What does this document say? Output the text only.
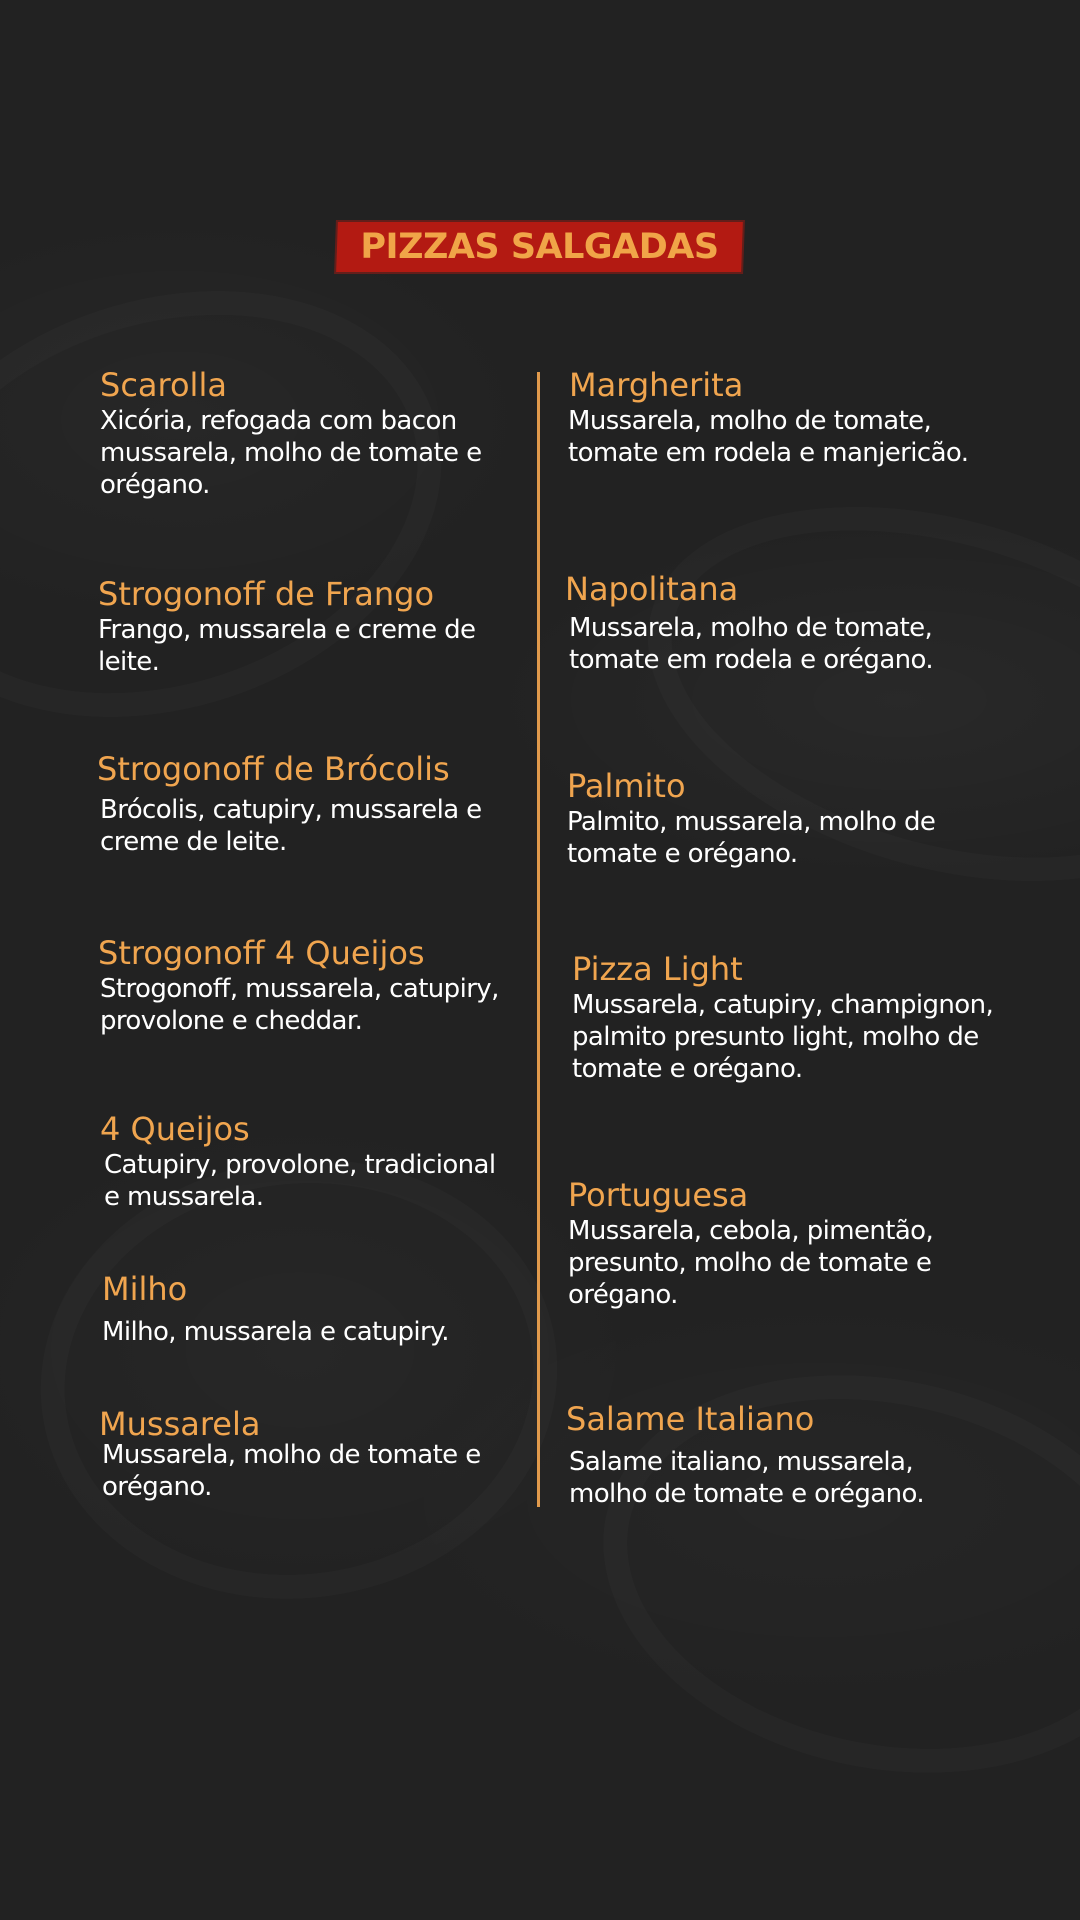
PIZZAS SALGADAS
Scarolla
Xicória, refogada com bacon mussarela, molho de tomate e orégano.
Strogonoff de Frango
Frango, mussarela e creme de leite.
Strogonoff de Brócolis
Brócolis, catupiry, mussarela e creme de leite.
Strogonoff 4 Queijos
Strogonoff, mussarela, catupiry, provolone e cheddar.
4 Queijos
Catupiry, provolone, tradicional e mussarela.
Milho
Milho, mussarela e catupiry.
Mussarela
Mussarela, molho de tomate e orégano.
Margherita
Mussarela, molho de tomate, tomate em rodela e manjericão.
Napolitana
Mussarela, molho de tomate, tomate em rodela e orégano.
Palmito
Palmito, mussarela, molho de tomate e orégano.
Pizza Light
Mussarela, catupiry, champignon, palmito presunto light, molho de tomate e orégano.
Portuguesa
Mussarela, cebola, pimentão, presunto, molho de tomate e orégano.
Salame Italiano
Salame italiano, mussarela, molho de tomate e orégano.
